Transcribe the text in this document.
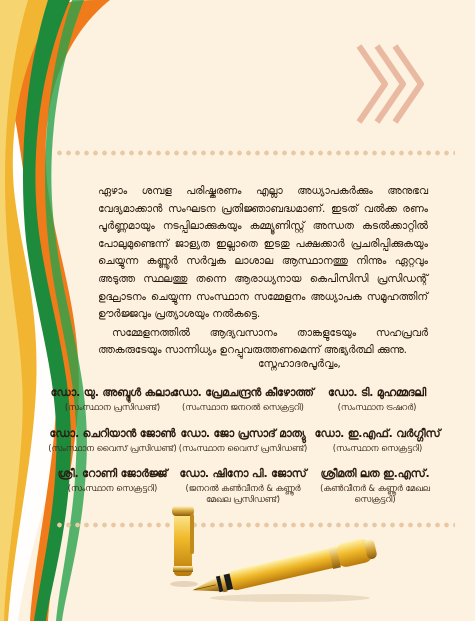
ഏഴാം ശമ്പള പരിഷ്കരണം എല്ലാ അധ്യാപകർക്കും അനുഭവ വേദ്യമാക്കാൻ സംഘടന പ്രതിജ്ഞാബദ്ധമാണ്. ഇടത് വൽക്ക രണം പൂർണ്ണമായും നടപ്പിലാക്കുകയും കമ്മ്യൂണിസ്റ്റ് അന്ധത കടൽക്കാറ്റിൽ പോലുമുണ്ടെന്ന് ജാള്യത ഇല്ലാതെ ഇടതു പക്ഷക്കാർ പ്രചരിപ്പിക്കുകയും ചെയ്യുന്ന കണ്ണൂർ സർവ്വക ലാശാല ആസ്ഥാനത്തു നിന്നും ഏറ്റവും അടുത്ത സ്ഥലത്തു തന്നെ ആരാധ്യനായ കെപിസിസി പ്രസിഡന്റ് ഉദ്ഘാടനം ചെയ്യുന്ന സംസ്ഥാന സമ്മേളനം അധ്യാപക സമൂഹത്തിന് ഊർജ്ജവും പ്രത്യാശയും നൽകട്ടെ.

സമ്മേളനത്തിൽ ആദ്യവസാനം താങ്കളുടേയും സഹപ്രവർ ത്തകരുടേയും സാന്നിധ്യം ഉറപ്പുവരുത്തണമെന്ന് അഭ്യർത്ഥി ക്കുന്നു.

സ്നേഹാദരപൂർവ്വം,
ഡോ. യു. അബ്ദുൾ കലാം
(സംസ്ഥാന പ്രസിഡണ്ട്)
ഡോ. പ്രേമചന്ദ്രൻ കീഴോത്ത്
(സംസ്ഥാന ജനറൽ സെക്രട്ടറി)
ഡോ. ടി. മുഹമ്മദലി
(സംസ്ഥാന ട്രഷറർ)
ഡോ. ചെറിയാൻ ജോൺ
(സംസ്ഥാന വൈസ് പ്രസിഡണ്ട്)
ഡോ. ജോ പ്രസാദ് മാത്യു
(സംസ്ഥാന വൈസ് പ്രസിഡണ്ട്)
ഡോ. ഇ.എഫ്. വർഗ്ഗീസ്
(സംസ്ഥാന സെക്രട്ടറി)
ശ്രീ. റോണി ജോർജ്ജ്
(സംസ്ഥാന സെക്രട്ടറി)
ഡോ. ഷിനോ പി. ജോസ്
(ജനറൽ കൺവീനർ & കണ്ണൂർ മേഖല പ്രസിഡണ്ട്)
ശ്രീമതി ലത ഇ.എസ്.
(കൺവീനർ & കണ്ണൂർ മേഖല സെക്രട്ടറി)
